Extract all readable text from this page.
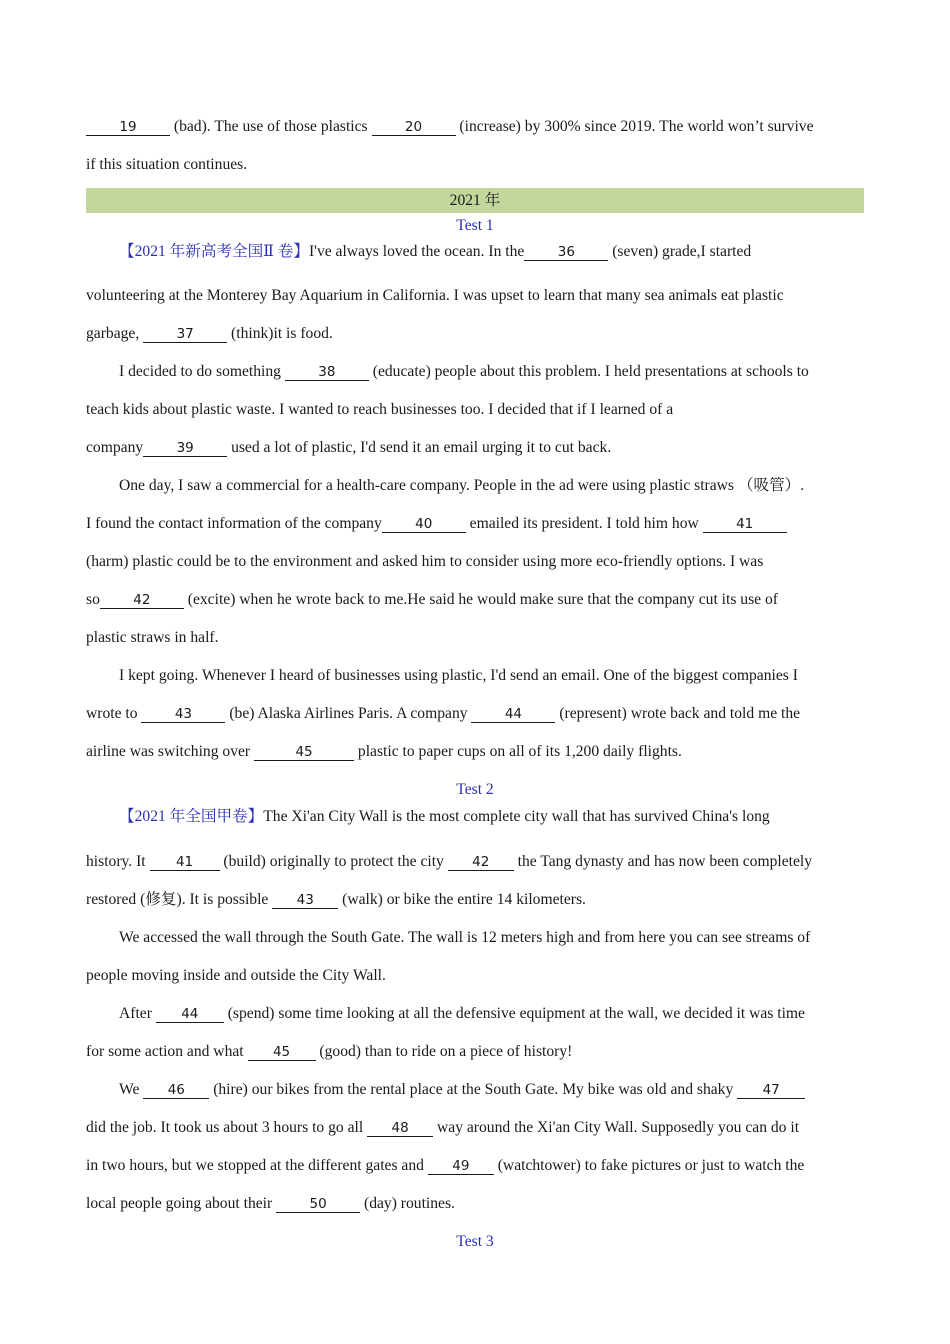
19 (bad). The use of those plastics 20 (increase) by 300% since 2019. The world won’t survive
if this situation continues.
2021 年
Test 1
【2021 年新高考全国Ⅱ 卷】I've always loved the ocean. In the 36 (seven) grade,I started
volunteering at the Monterey Bay Aquarium in California. I was upset to learn that many sea animals eat plastic
garbage, 37 (think)it is food.
I decided to do something 38 (educate) people about this problem. I held presentations at schools to
teach kids about plastic waste. I wanted to reach businesses too. I decided that if I learned of a
company 39 used a lot of plastic, I'd send it an email urging it to cut back.
One day, I saw a commercial for a health-care company. People in the ad were using plastic straws （吸管）.
I found the contact information of the company 40 emailed its president. I told him how 41
(harm) plastic could be to the environment and asked him to consider using more eco-friendly options. I was
so 42 (excite) when he wrote back to me.He said he would make sure that the company cut its use of
plastic straws in half.
I kept going. Whenever I heard of businesses using plastic, I'd send an email. One of the biggest companies I
wrote to 43 (be) Alaska Airlines Paris. A company 44 (represent) wrote back and told me the
airline was switching over	45	plastic to paper cups on all of its 1,200 daily flights.
Test 2
【2021 年全国甲卷】The Xi'an City Wall is the most complete city wall that has survived China's long
history. It 41 (build) originally to protect the city 42 the Tang dynasty and has now been completely
restored (修复). It is possible 43 (walk) or bike the entire 14 kilometers.
We accessed the wall through the South Gate. The wall is 12 meters high and from here you can see streams of
people moving inside and outside the City Wall.
After 44 (spend) some time looking at all the defensive equipment at the wall, we decided it was time
for some action and what 45 (good) than to ride on a piece of history!
We 46 (hire) our bikes from the rental place at the South Gate. My bike was old and shaky 47
did the job. It took us about 3 hours to go all 48 way around the Xi'an City Wall. Supposedly you can do it
in two hours, but we stopped at the different gates and 49 (watchtower) to fake pictures or just to watch the
local people going about their 50 (day) routines.
Test 3
